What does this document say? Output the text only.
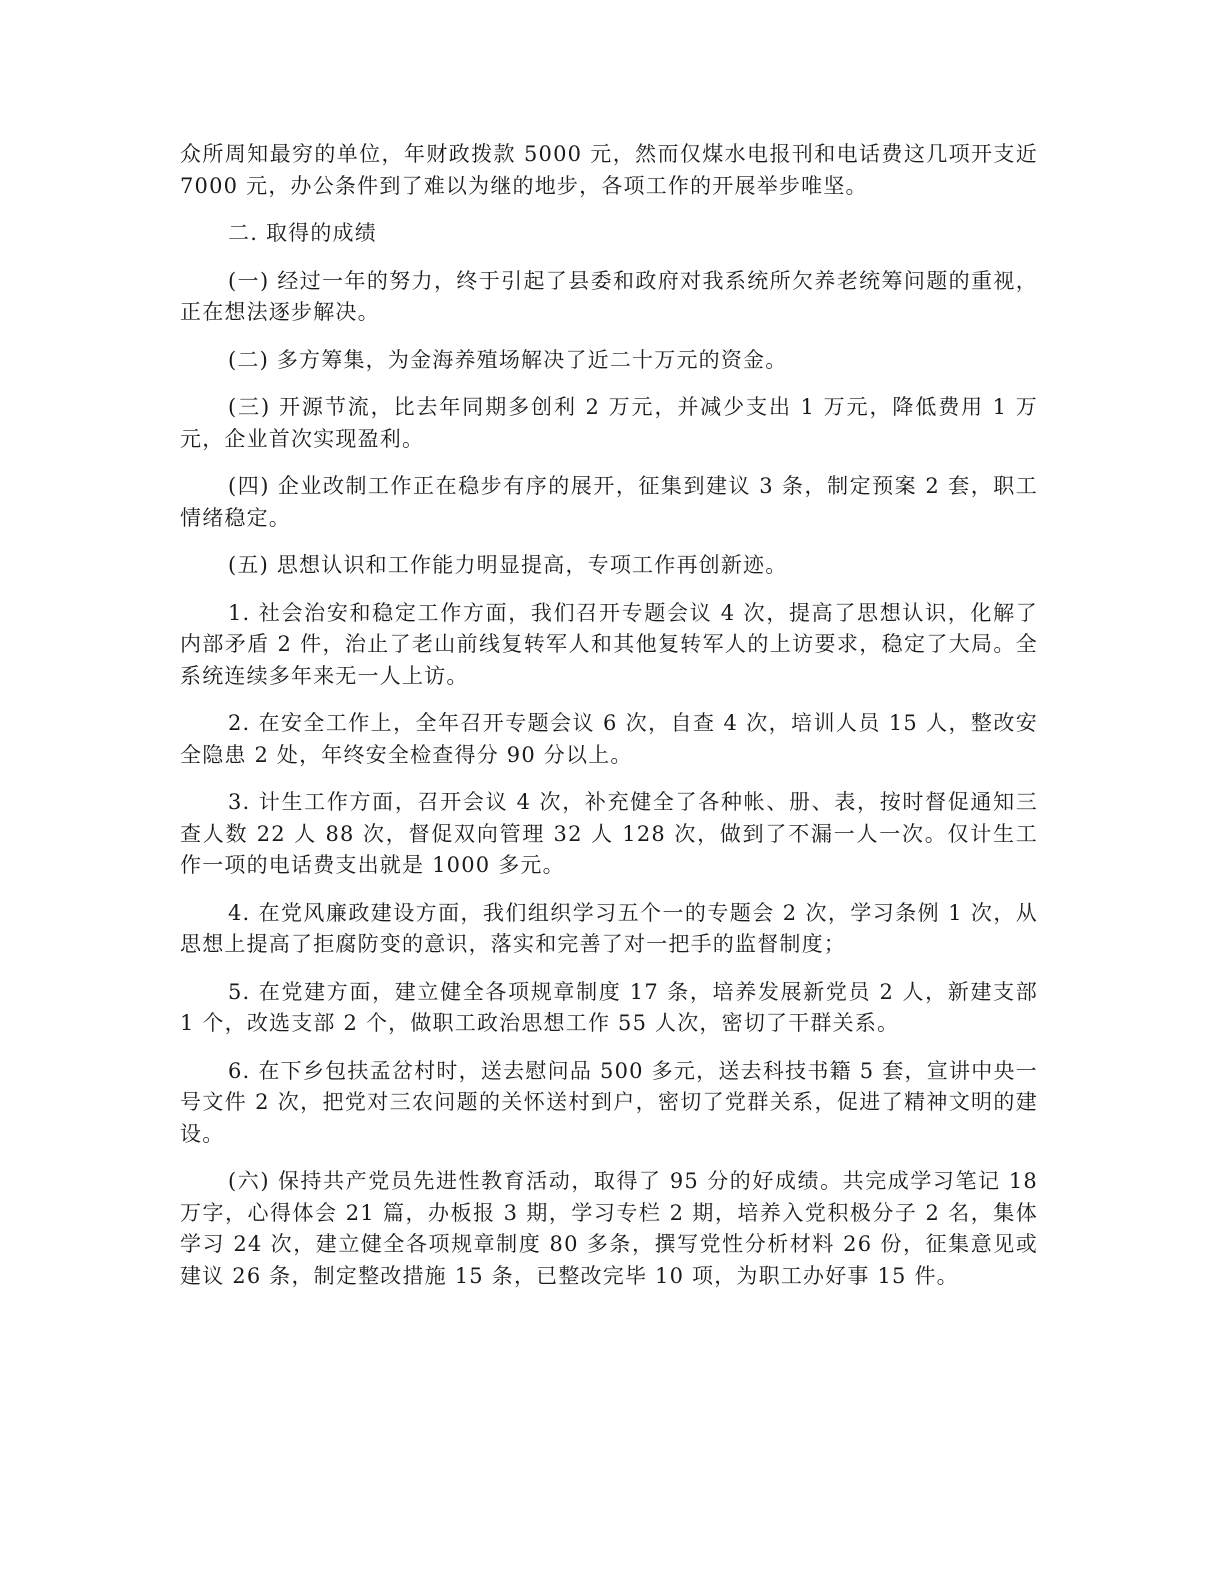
众所周知最穷的单位，年财政拨款 5000 元，然而仅煤水电报刊和电话费这几项开支近 7000 元，办公条件到了难以为继的地步，各项工作的开展举步唯坚。

二. 取得的成绩

(一) 经过一年的努力，终于引起了县委和政府对我系统所欠养老统筹问题的重视，正在想法逐步解决。

(二) 多方筹集，为金海养殖场解决了近二十万元的资金。

(三) 开源节流，比去年同期多创利 2 万元，并减少支出 1 万元，降低费用 1 万元，企业首次实现盈利。

(四) 企业改制工作正在稳步有序的展开，征集到建议 3 条，制定预案 2 套，职工情绪稳定。

(五) 思想认识和工作能力明显提高，专项工作再创新迹。

1. 社会治安和稳定工作方面，我们召开专题会议 4 次，提高了思想认识，化解了内部矛盾 2 件，治止了老山前线复转军人和其他复转军人的上访要求，稳定了大局。全系统连续多年来无一人上访。

2. 在安全工作上，全年召开专题会议 6 次，自查 4 次，培训人员 15 人，整改安全隐患 2 处，年终安全检查得分 90 分以上。

3. 计生工作方面，召开会议 4 次，补充健全了各种帐、册、表，按时督促通知三查人数 22 人 88 次，督促双向管理 32 人 128 次，做到了不漏一人一次。仅计生工作一项的电话费支出就是 1000 多元。

4. 在党风廉政建设方面，我们组织学习五个一的专题会 2 次，学习条例 1 次，从思想上提高了拒腐防变的意识，落实和完善了对一把手的监督制度；

5. 在党建方面，建立健全各项规章制度 17 条，培养发展新党员 2 人，新建支部 1 个，改选支部 2 个，做职工政治思想工作 55 人次，密切了干群关系。

6. 在下乡包扶孟岔村时，送去慰问品 500 多元，送去科技书籍 5 套，宣讲中央一号文件 2 次，把党对三农问题的关怀送村到户，密切了党群关系，促进了精神文明的建设。

(六) 保持共产党员先进性教育活动，取得了 95 分的好成绩。共完成学习笔记 18 万字，心得体会 21 篇，办板报 3 期，学习专栏 2 期，培养入党积极分子 2 名，集体学习 24 次，建立健全各项规章制度 80 多条，撰写党性分析材料 26 份，征集意见或建议 26 条，制定整改措施 15 条，已整改完毕 10 项，为职工办好事 15 件。
